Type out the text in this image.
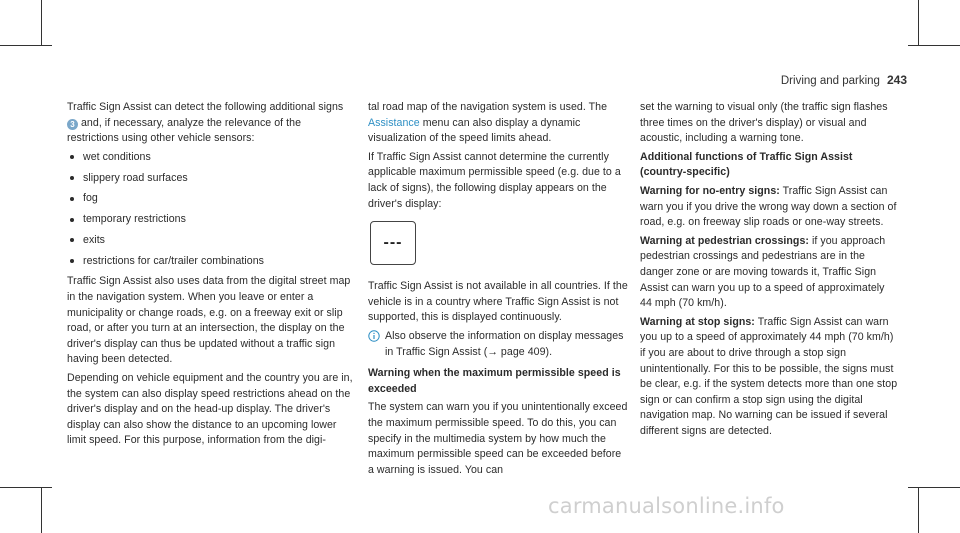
Driving and parking 243

Traffic Sign Assist can detect the following additional signs 3 and, if necessary, analyze the relevance of the restrictions using other vehicle sensors:

wet conditions
slippery road surfaces
fog
temporary restrictions
exits
restrictions for car/trailer combinations

Traffic Sign Assist also uses data from the digital street map in the navigation system. When you leave or enter a municipality or change roads, e.g. on a freeway exit or slip road, or after you turn at an intersection, the display on the driver's display can thus be updated without a traffic sign having been detected.

Depending on vehicle equipment and the country you are in, the system can also display speed restrictions ahead on the driver's display and on the head-up display. The driver's display can also show the distance to an upcoming lower limit speed. For this purpose, information from the digi-

tal road map of the navigation system is used. The Assistance menu can also display a dynamic visualization of the speed limits ahead.

If Traffic Sign Assist cannot determine the currently applicable maximum permissible speed (e.g. due to a lack of signs), the following display appears on the driver's display:

---

Traffic Sign Assist is not available in all countries. If the vehicle is in a country where Traffic Sign Assist is not supported, this is displayed continuously.

Also observe the information on display messages in Traffic Sign Assist (→ page 409).

Warning when the maximum permissible speed is exceeded

The system can warn you if you unintentionally exceed the maximum permissible speed. To do this, you can specify in the multimedia system by how much the maximum permissible speed can be exceeded before a warning is issued. You can

set the warning to visual only (the traffic sign flashes three times on the driver's display) or visual and acoustic, including a warning tone.

Additional functions of Traffic Sign Assist (country-specific)

Warning for no-entry signs: Traffic Sign Assist can warn you if you drive the wrong way down a section of road, e.g. on freeway slip roads or one-way streets.

Warning at pedestrian crossings: if you approach pedestrian crossings and pedestrians are in the danger zone or are moving towards it, Traffic Sign Assist can warn you up to a speed of approximately 44 mph (70 km/h).

Warning at stop signs: Traffic Sign Assist can warn you up to a speed of approximately 44 mph (70 km/h) if you are about to drive through a stop sign unintentionally. For this to be possible, the signs must be clear, e.g. if the system detects more than one stop sign or can confirm a stop sign using the digital navigation map. No warning can be issued if several different signs are detected.

carmanualsonline.info
